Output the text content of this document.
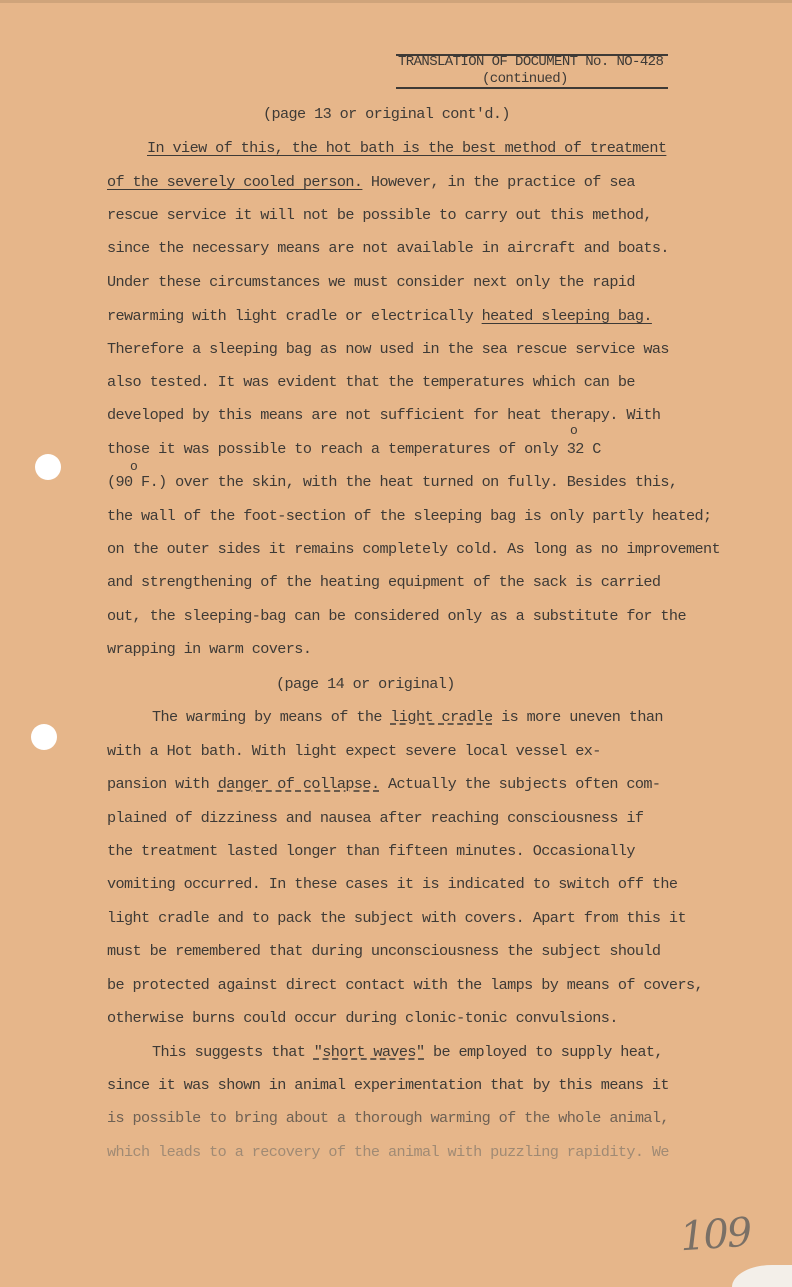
TRANSLATION OF DOCUMENT No. NO-428
(continued)
(page 13 or original cont'd.)
In view of this, the hot bath is the best method of treatment
of the severely cooled person. However, in the practice of sea
rescue service it will not be possible to carry out this method,
since the necessary means are not available in aircraft and boats.
Under these circumstances we must consider next only the rapid
rewarming with light cradle or electrically heated sleeping bag.
Therefore a sleeping bag as now used in the sea rescue service was
also tested. It was evident that the temperatures which can be
developed by this means are not sufficient for heat therapy. With
o
those it was possible to reach a temperatures of only 32 C
o
(90 F.) over the skin, with the heat turned on fully. Besides this,
the wall of the foot-section of the sleeping bag is only partly heated;
on the outer sides it remains completely cold. As long as no improvement
and strengthening of the heating equipment of the sack is carried
out, the sleeping-bag can be considered only as a substitute for the
wrapping in warm covers.
(page 14 or original)
The warming by means of the light cradle is more uneven than
with a Hot bath. With light expect severe local vessel ex-
pansion with danger of collapse. Actually the subjects often com-
plained of dizziness and nausea after reaching consciousness if
the treatment lasted longer than fifteen minutes. Occasionally
vomiting occurred. In these cases it is indicated to switch off the
light cradle and to pack the subject with covers. Apart from this it
must be remembered that during unconsciousness the subject should
be protected against direct contact with the lamps by means of covers,
otherwise burns could occur during clonic-tonic convulsions.
This suggests that "short waves" be employed to supply heat,
since it was shown in animal experimentation that by this means it
is possible to bring about a thorough warming of the whole animal,
which leads to a recovery of the animal with puzzling rapidity. We
109
